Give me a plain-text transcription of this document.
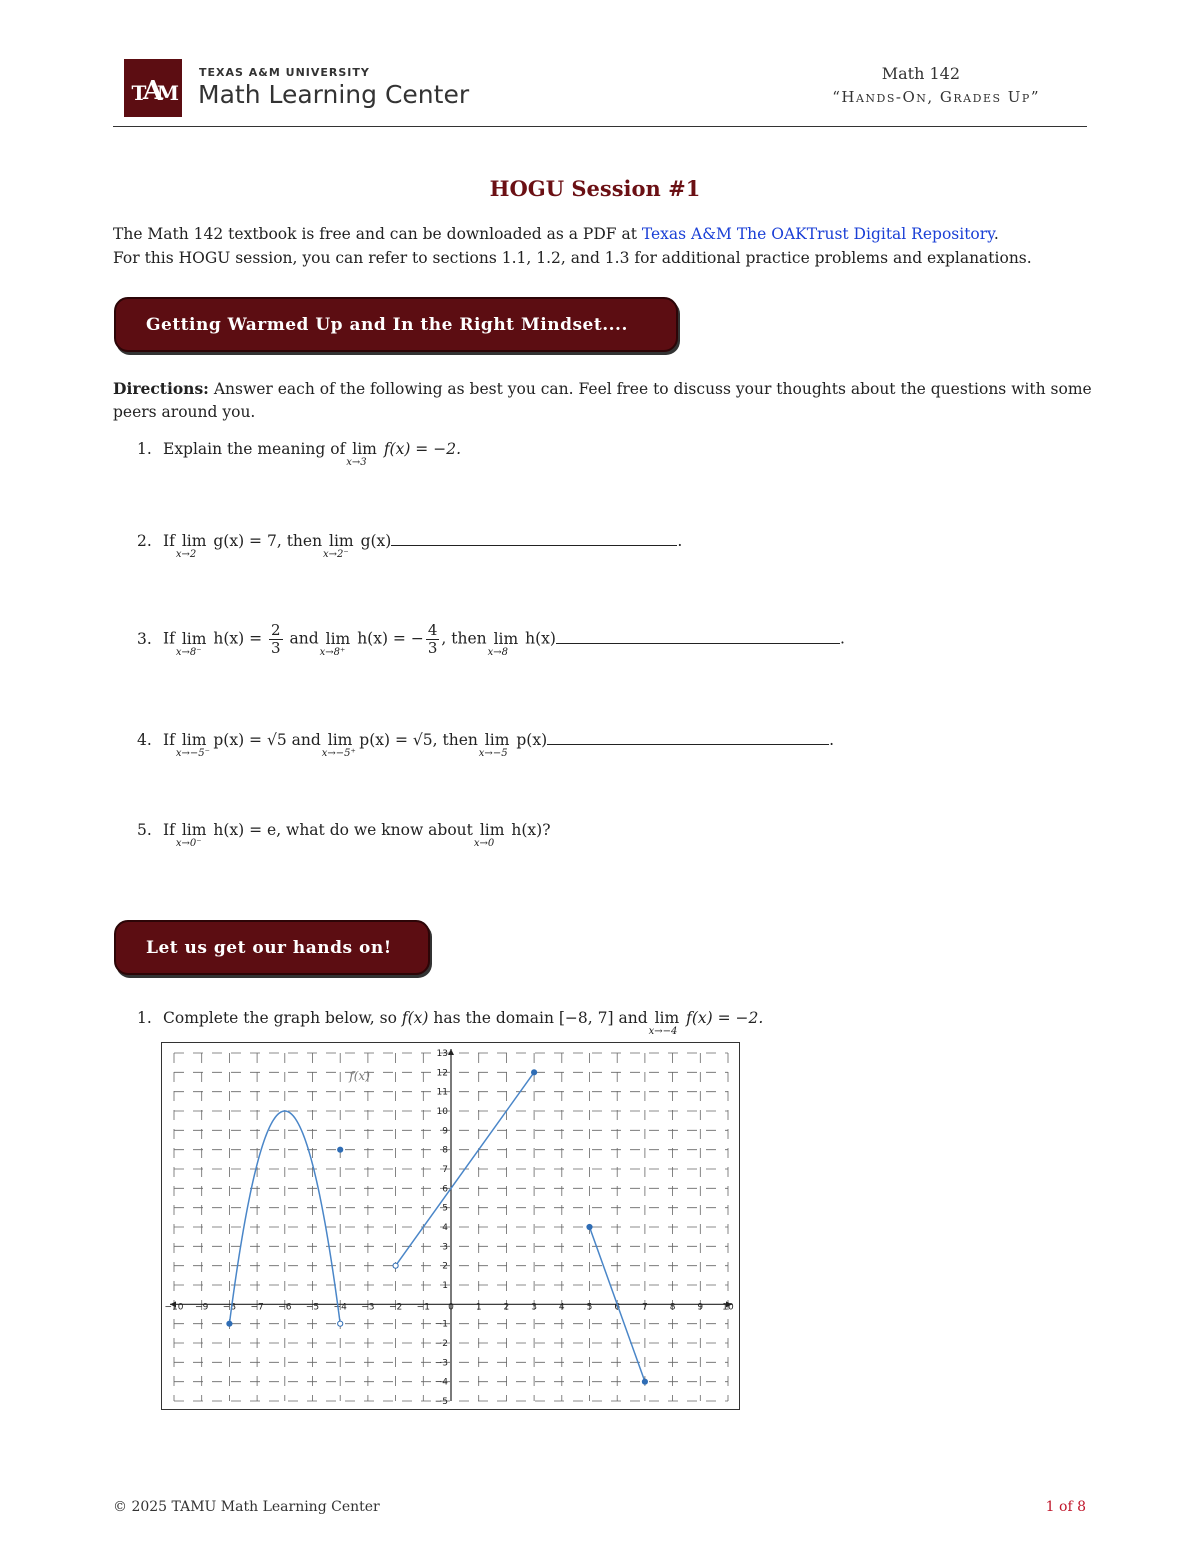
A
T M
TEXAS A&M UNIVERSITY
Math Learning Center
Math 142
“Hands-On, Grades Up”
HOGU Session #1
The Math 142 textbook is free and can be downloaded as a PDF at Texas A&M The OAKTrust Digital Repository.
For this HOGU session, you can refer to sections 1.1, 1.2, and 1.3 for additional practice problems and explanations.
Getting Warmed Up and In the Right Mindset....
Directions: Answer each of the following as best you can. Feel free to discuss your thoughts about the questions with some peers around you.
1. Explain the meaning of lim
x→3
f(x) = −2.
2. If lim
x→2
g(x) = 7, then lim
x→2⁻
g(x)	.
3. If lim
x→8⁻
$h(x) = \frac{2}{3}$ and lim
x→8⁺
h(x) = − $\frac{4}{3}$ , then lim
x→8
h(x)	.
4. If lim
x→−5⁻
p(x) = √5 and lim
x→−5⁺
p(x) = √5, then lim
x→−5
p(x)	.
5. If lim
x→0⁻
h(x) = e, what do we know about lim
x→0
h(x)?
Let us get our hands on!
1. Complete the graph below, so f(x) has the domain [−8, 7] and lim
x→−4
f(x) = −2.
−10 −9 −8 −7 −6 −5 −4 −3 −2 −1 0 1 2 3 4 5 6 7 8 9 10
−5
−4
−3
−2
−1
1
2
3
4
5
6
7
8
9
10
11
12
13
f(x)
© 2025 TAMU Math Learning Center	1 of 8
